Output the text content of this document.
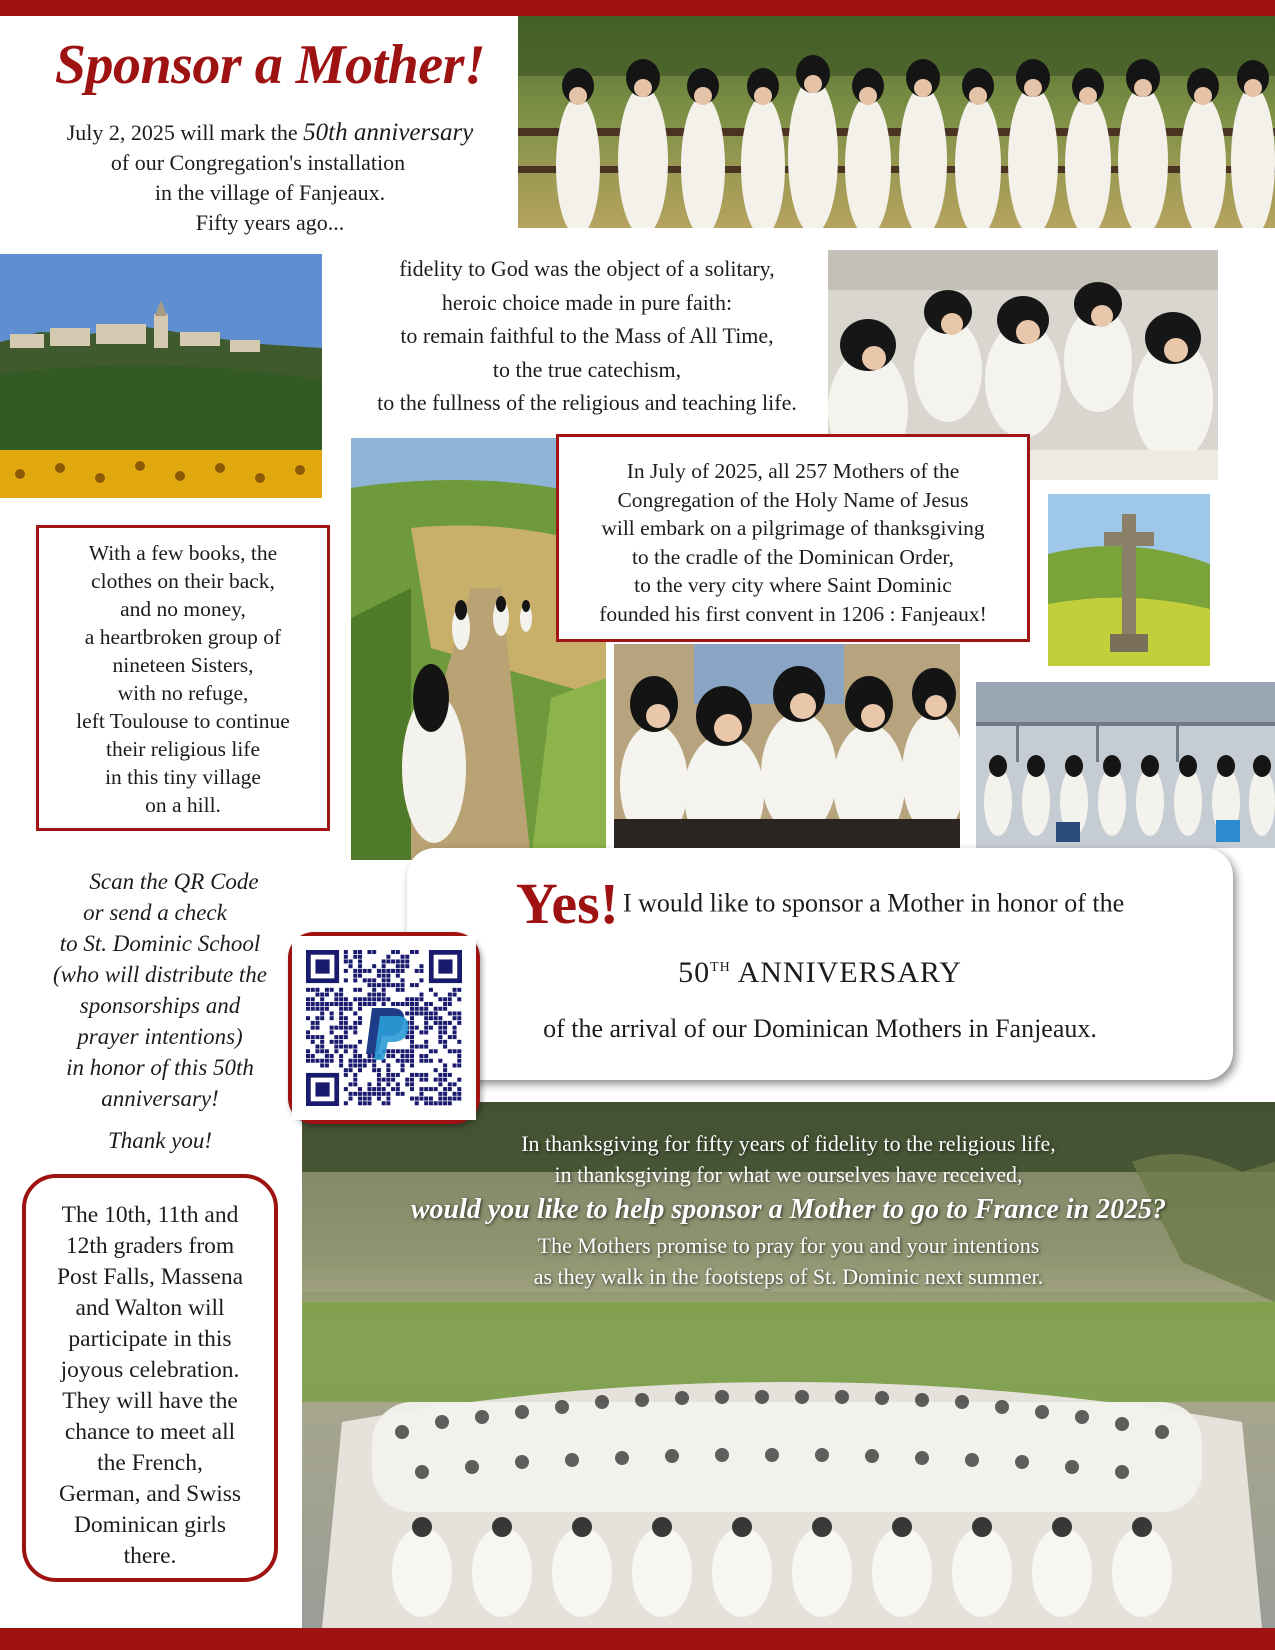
Sponsor a Mother!
July 2, 2025 will mark the 50th anniversary
of our Congregation's installation
in the village of Fanjeaux.
Fifty years ago...
fidelity to God was the object of a solitary,
heroic choice made in pure faith:
to remain faithful to the Mass of All Time,
to the true catechism,
to the fullness of the religious and teaching life.
In July of 2025, all 257 Mothers of the
Congregation of the Holy Name of Jesus
will embark on a pilgrimage of thanksgiving
to the cradle of the Dominican Order,
to the very city where Saint Dominic
founded his first convent in 1206 : Fanjeaux!
With a few books, the
clothes on their back,
and no money,
a heartbroken group of
nineteen Sisters,
with no refuge,
left Toulouse to continue
their religious life
in this tiny village
on a hill.
Scan the QR Code
or send a check
to St. Dominic School
(who will distribute the
sponsorships and
prayer intentions)
in honor of this 50th
anniversary!
Thank you!
The 10th, 11th and
12th graders from
Post Falls, Massena
and Walton will
participate in this
joyous celebration.
They will have the
chance to meet all
the French,
German, and Swiss
Dominican girls
there.
In thanksgiving for fifty years of fidelity to the religious life,
in thanksgiving for what we ourselves have received,
would you like to help sponsor a Mother to go to France in 2025?
The Mothers promise to pray for you and your intentions
as they walk in the footsteps of St. Dominic next summer.
Yes! I would like to sponsor a Mother in honor of the
50TH ANNIVERSARY
of the arrival of our Dominican Mothers in Fanjeaux.
